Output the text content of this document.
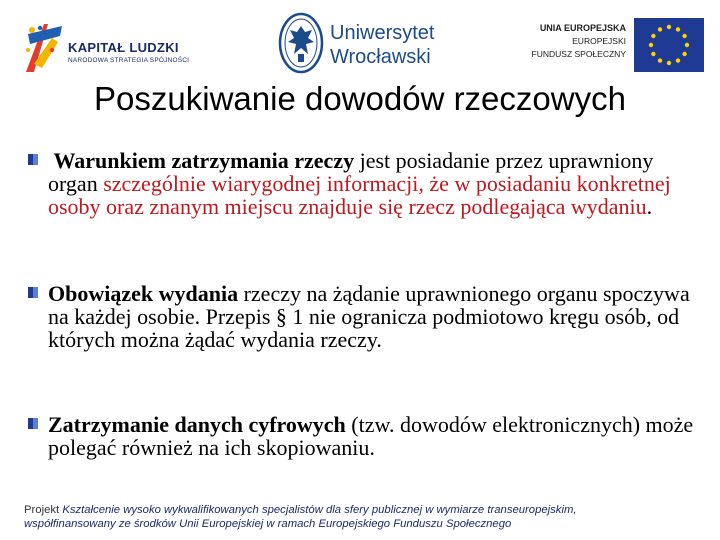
KAPITAŁ LUDZKI
NARODOWA STRATEGIA SPÓJNOŚCI
Uniwersytet
Wrocławski
UNIA EUROPEJSKA
EUROPEJSKI
FUNDUSZ SPOŁECZNY
Poszukiwanie dowodów rzeczowych

Warunkiem zatrzymania rzeczy jest posiadanie przez uprawniony organ szczególnie wiarygodnej informacji, że w posiadaniu konkretnej osoby oraz znanym miejscu znajduje się rzecz podlegająca wydaniu.

Obowiązek wydania rzeczy na żądanie uprawnionego organu spoczywa na każdej osobie. Przepis § 1 nie ogranicza podmiotowo kręgu osób, od których można żądać wydania rzeczy.

Zatrzymanie danych cyfrowych (tzw. dowodów elektronicznych) może polegać również na ich skopiowaniu.

Projekt Kształcenie wysoko wykwalifikowanych specjalistów dla sfery publicznej w wymiarze transeuropejskim,
współfinansowany ze środków Unii Europejskiej w ramach Europejskiego Funduszu Społecznego
